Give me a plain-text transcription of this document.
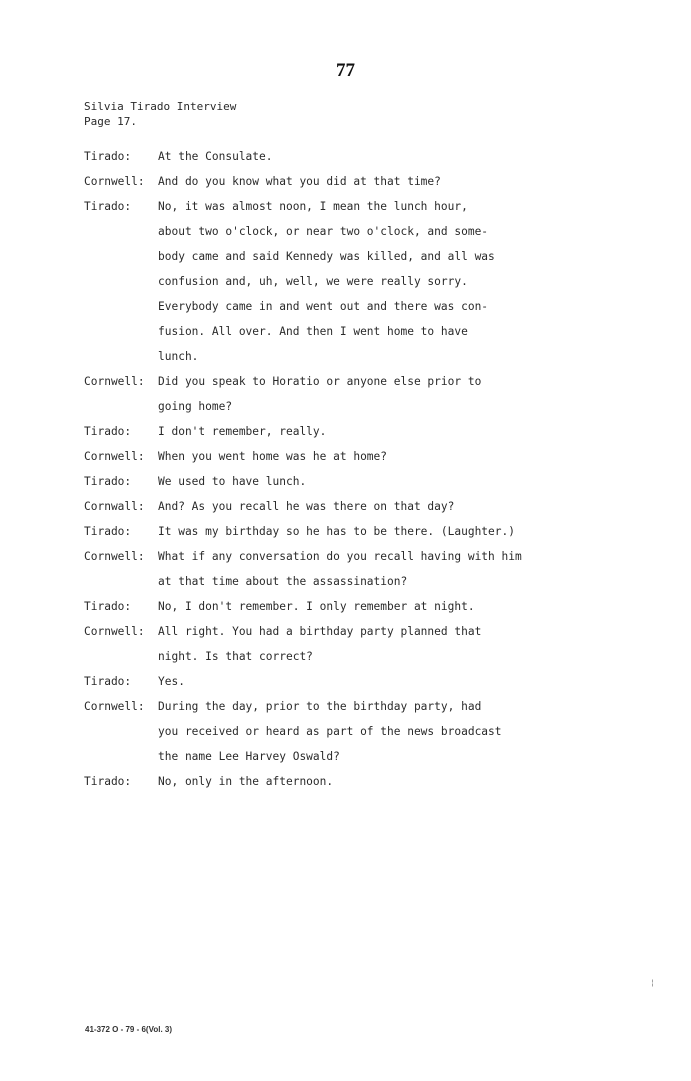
77
Silvia Tirado Interview
Page 17.
Tirado: At the Consulate.
Cornwell: And do you know what you did at that time?
Tirado: No, it was almost noon, I mean the lunch hour,
about two o'clock, or near two o'clock, and some-
body came and said Kennedy was killed, and all was
confusion and, uh, well, we were really sorry.
Everybody came in and went out and there was con-
fusion. All over. And then I went home to have
lunch.
Cornwell: Did you speak to Horatio or anyone else prior to
going home?
Tirado: I don't remember, really.
Cornwell: When you went home was he at home?
Tirado: We used to have lunch.
Cornwall: And? As you recall he was there on that day?
Tirado: It was my birthday so he has to be there. (Laughter.)
Cornwell: What if any conversation do you recall having with him
at that time about the assassination?
Tirado: No, I don't remember. I only remember at night.
Cornwell: All right. You had a birthday party planned that
night. Is that correct?
Tirado: Yes.
Cornwell: During the day, prior to the birthday party, had
you received or heard as part of the news broadcast
the name Lee Harvey Oswald?
Tirado: No, only in the afternoon.
41-372 O - 79 - 6(Vol. 3)
¦
